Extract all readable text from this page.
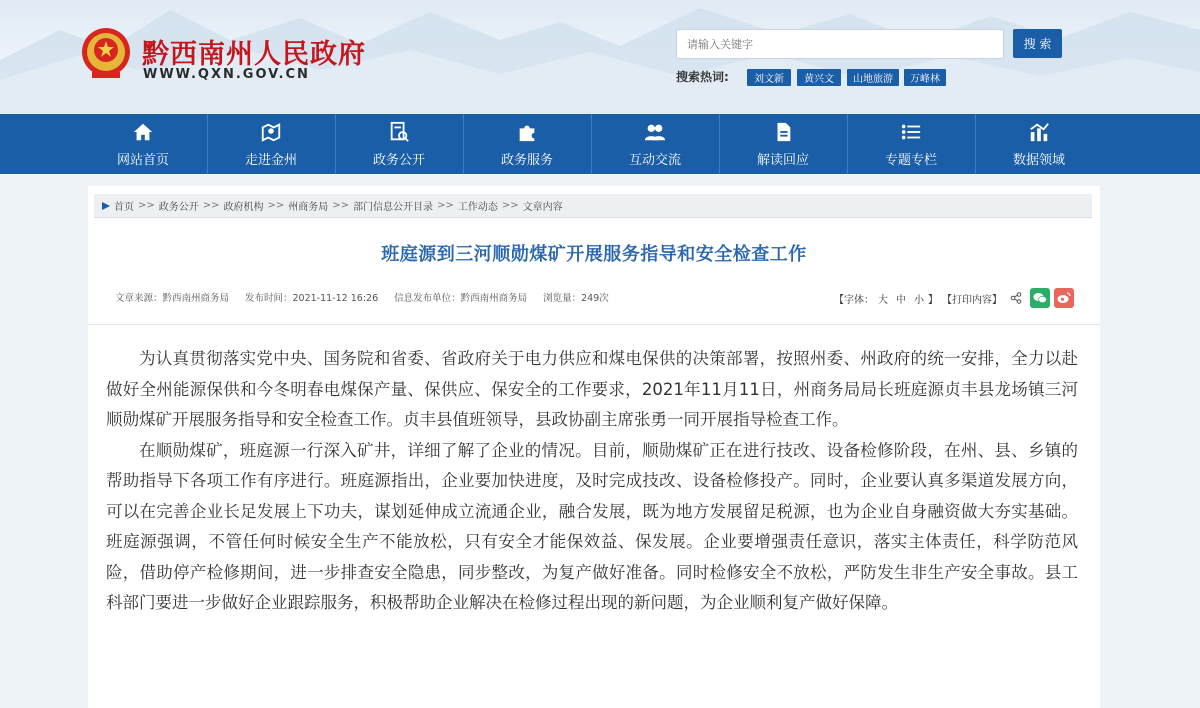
黔西南州人民政府
WWW.QXN.GOV.CN
请输入关键字
搜 索
搜索热词:	刘文新	黄兴文	山地旅游	万峰林
网站首页	走进金州	政务公开	政务服务	互动交流	解读回应	专题专栏	数据领域
首页 >> 政务公开 >> 政府机构 >> 州商务局 >> 部门信息公开目录 >> 工作动态 >> 文章内容
班庭源到三河顺勋煤矿开展服务指导和安全检查工作
文章来源：黔西南州商务局 发布时间：2021-11-12 16:26 信息发布单位：黔西南州商务局 浏览量：249次	【字体： 大 中 小 】 【打印内容】

为认真贯彻落实党中央、国务院和省委、省政府关于电力供应和煤电保供的决策部署，按照州委、州政府的统一安排，全力以赴做好全州能源保供和今冬明春电煤保产量、保供应、保安全的工作要求，2021年11月11日，州商务局局长班庭源贞丰县龙场镇三河顺勋煤矿开展服务指导和安全检查工作。贞丰县值班领导，县政协副主席张勇一同开展指导检查工作。

在顺勋煤矿，班庭源一行深入矿井，详细了解了企业的情况。目前，顺勋煤矿正在进行技改、设备检修阶段，在州、县、乡镇的帮助指导下各项工作有序进行。班庭源指出，企业要加快进度，及时完成技改、设备检修投产。同时，企业要认真多渠道发展方向，可以在完善企业长足发展上下功夫，谋划延伸成立流通企业，融合发展，既为地方发展留足税源，也为企业自身融资做大夯实基础。班庭源强调，不管任何时候安全生产不能放松，只有安全才能保效益、保发展。企业要增强责任意识，落实主体责任，科学防范风险，借助停产检修期间，进一步排查安全隐患，同步整改，为复产做好准备。同时检修安全不放松，严防发生非生产安全事故。县工科部门要进一步做好企业跟踪服务，积极帮助企业解决在检修过程出现的新问题，为企业顺利复产做好保障。
